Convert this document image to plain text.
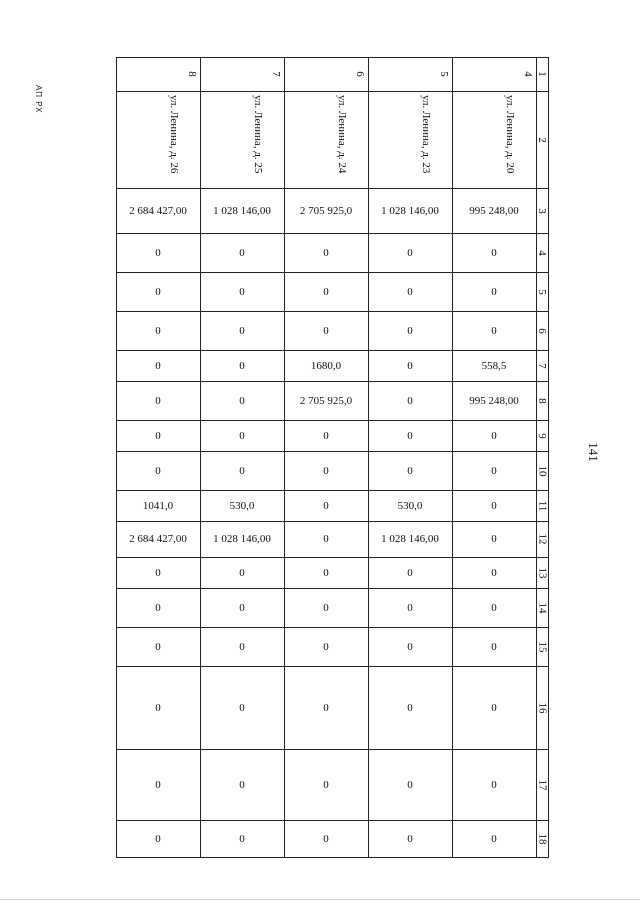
АП РХ
141
1
2
3
4
5
6
7
8
9
10
11
12
13
14
15
16
17
18
4
ул. Ленина, д. 20
995 248,00
0
0
0
558,5
995 248,00
0
0
0
0
0
0
0
0
0
0
5
ул. Ленина, д. 23
1 028 146,00
0
0
0
0
0
0
0
530,0
1 028 146,00
0
0
0
0
0
0
6
ул. Ленина, д. 24
2 705 925,0
0
0
0
1680,0
2 705 925,0
0
0
0
0
0
0
0
0
0
0
7
ул. Ленина, д. 25
1 028 146,00
0
0
0
0
0
0
0
530,0
1 028 146,00
0
0
0
0
0
0
8
ул. Ленина, д. 26
2 684 427,00
0
0
0
0
0
0
0
1041,0
2 684 427,00
0
0
0
0
0
0
